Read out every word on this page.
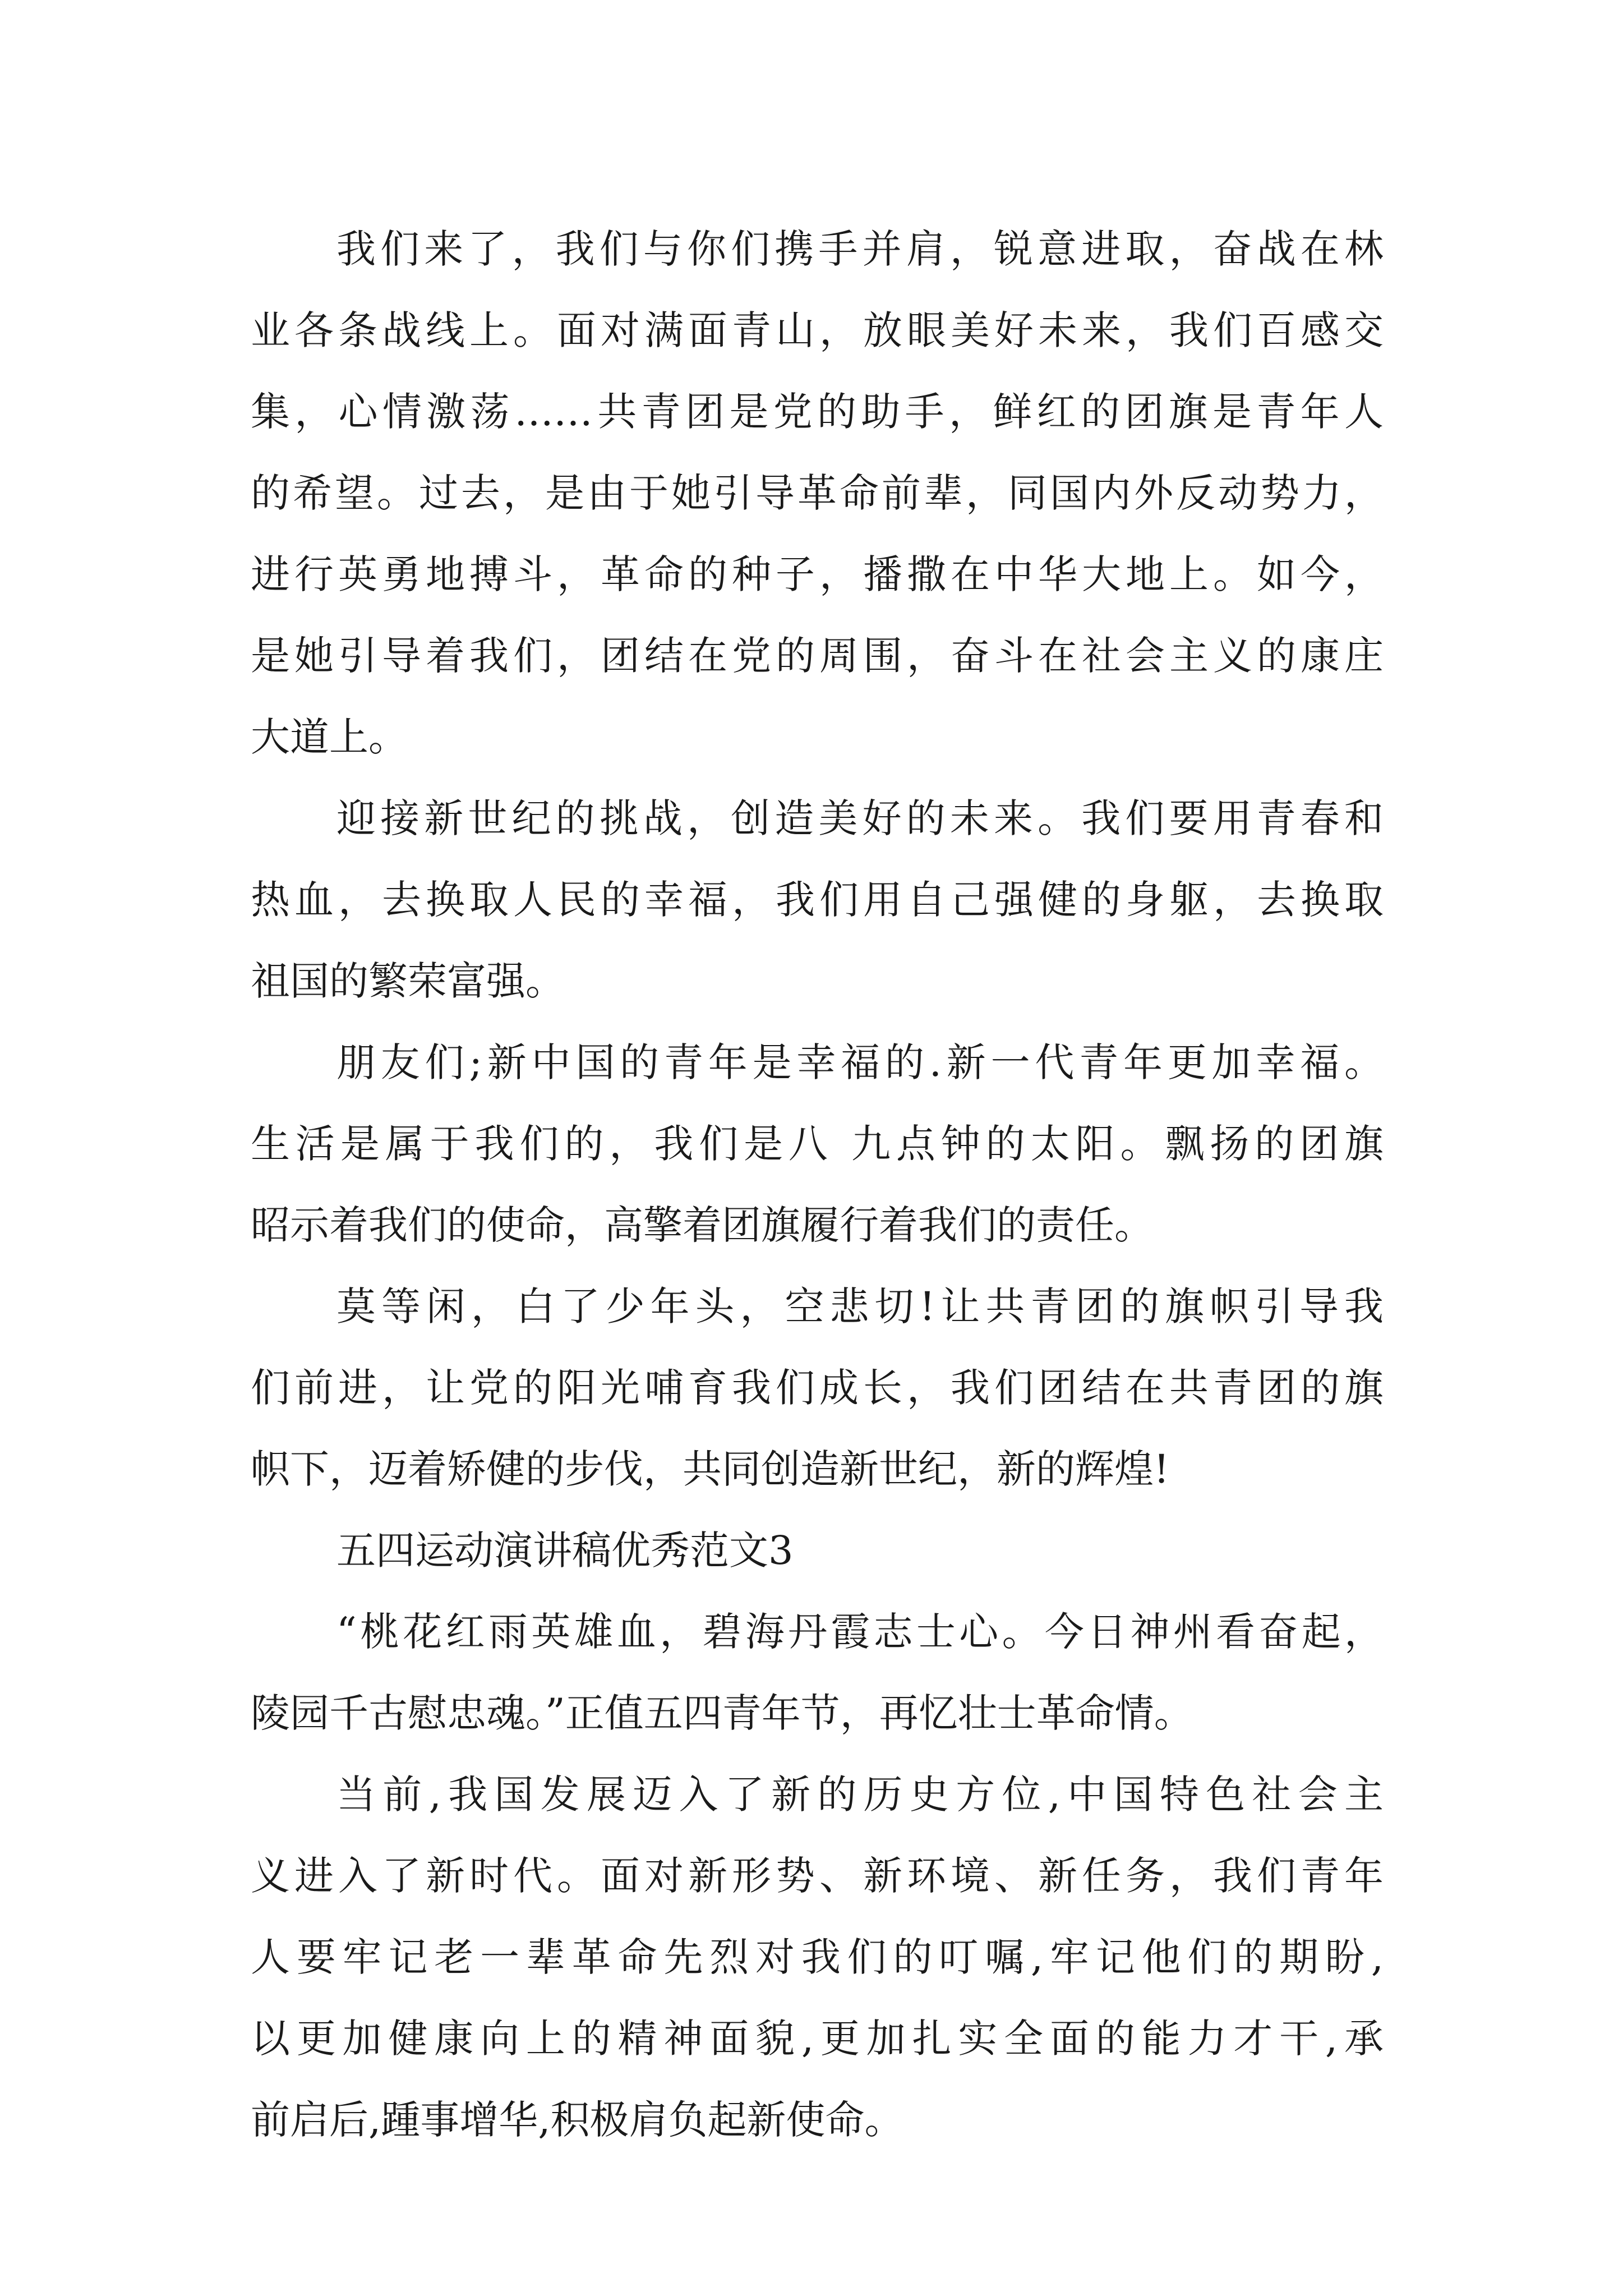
我们来了，我们与你们携手并肩，锐意进取，奋战在林
业各条战线上。面对满面青山，放眼美好未来，我们百感交
集，心情激荡……共青团是党的助手，鲜红的团旗是青年人
的希望。过去，是由于她引导革命前辈，同国内外反动势力，
进行英勇地搏斗，革命的种子，播撒在中华大地上。如今，
是她引导着我们，团结在党的周围，奋斗在社会主义的康庄
大道上。
迎接新世纪的挑战，创造美好的未来。我们要用青春和
热血，去换取人民的幸福，我们用自己强健的身躯，去换取
祖国的繁荣富强。
朋友们;新中国的青年是幸福的.新一代青年更加幸福。
生活是属于我们的，我们是八 九点钟的太阳。飘扬的团旗
昭示着我们的使命，高擎着团旗履行着我们的责任。
莫等闲，白了少年头，空悲切!让共青团的旗帜引导我
们前进，让党的阳光哺育我们成长，我们团结在共青团的旗
帜下，迈着矫健的步伐，共同创造新世纪，新的辉煌!
五四运动演讲稿优秀范文3
“桃花红雨英雄血，碧海丹霞志士心。今日神州看奋起，
陵园千古慰忠魂。”正值五四青年节，再忆壮士革命情。
当前,我国发展迈入了新的历史方位,中国特色社会主
义进入了新时代。面对新形势、新环境、新任务，我们青年
人要牢记老一辈革命先烈对我们的叮嘱,牢记他们的期盼,
以更加健康向上的精神面貌,更加扎实全面的能力才干,承
前启后,踵事增华,积极肩负起新使命。
